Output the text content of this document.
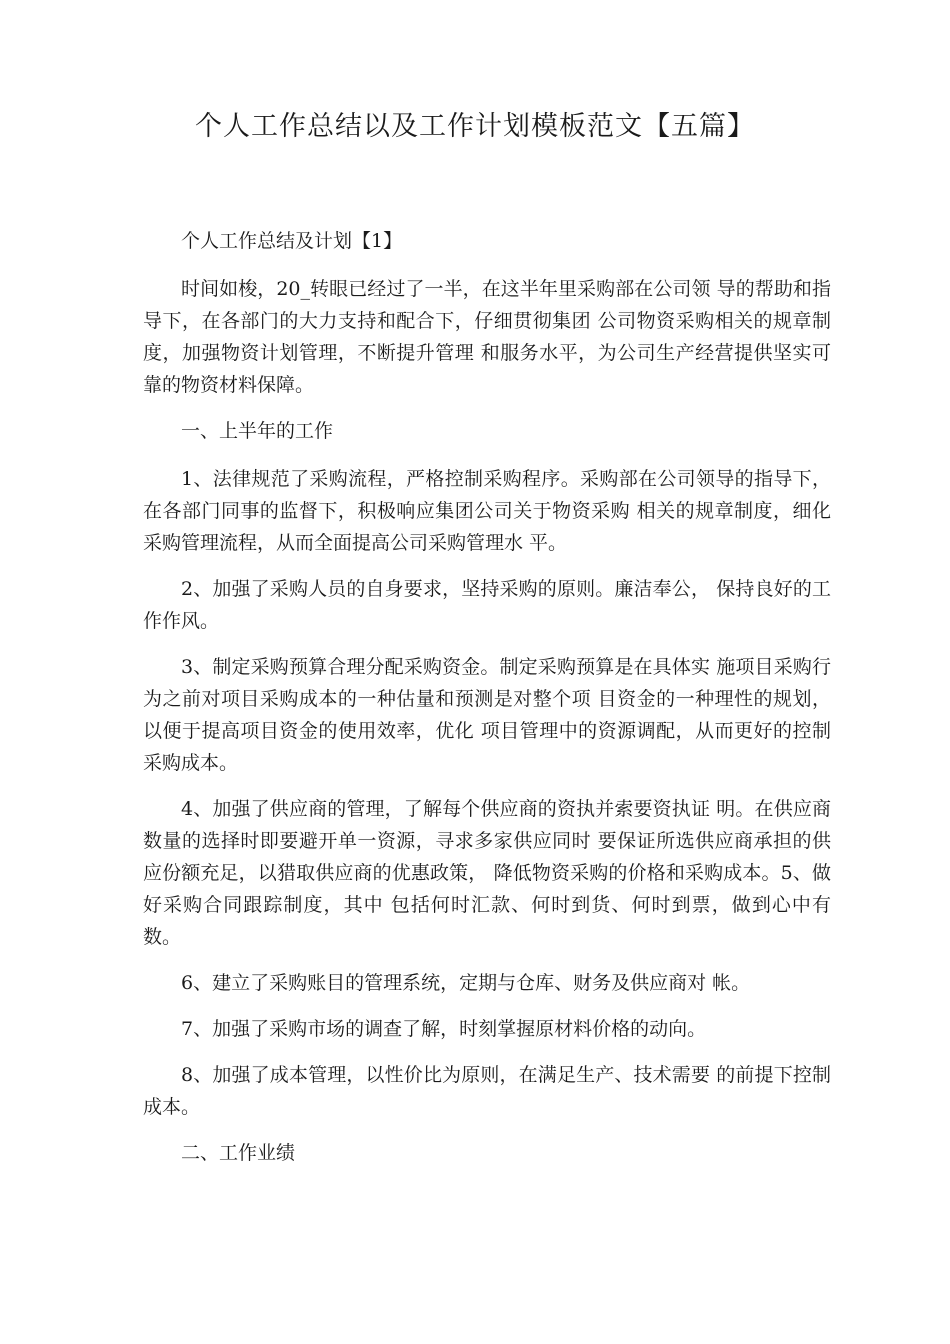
个人工作总结以及工作计划模板范文【五篇】

个人工作总结及计划【1】

时间如梭，20_转眼已经过了一半，在这半年里采购部在公司领 导的帮助和指导下，在各部门的大力支持和配合下，仔细贯彻集团 公司物资采购相关的规章制度，加强物资计划管理，不断提升管理 和服务水平，为公司生产经营提供坚实可靠的物资材料保障。

一、上半年的工作

1、法律规范了采购流程，严格控制采购程序。采购部在公司领导的指导下，在各部门同事的监督下，积极响应集团公司关于物资采购 相关的规章制度，细化采购管理流程，从而全面提高公司采购管理水 平。

2、加强了采购人员的自身要求，坚持采购的原则。廉洁奉公， 保持良好的工作作风。

3、制定采购预算合理分配采购资金。制定采购预算是在具体实 施项目采购行为之前对项目采购成本的一种估量和预测是对整个项 目资金的一种理性的规划，以便于提高项目资金的使用效率，优化 项目管理中的资源调配，从而更好的控制采购成本。

4、加强了供应商的管理，了解每个供应商的资执并索要资执证 明。在供应商数量的选择时即要避开单一资源，寻求多家供应同时 要保证所选供应商承担的供应份额充足，以猎取供应商的优惠政策， 降低物资采购的价格和采购成本。5、做好采购合同跟踪制度，其中 包括何时汇款、何时到货、何时到票，做到心中有数。

6、建立了采购账目的管理系统，定期与仓库、财务及供应商对 帐。

7、加强了采购市场的调查了解，时刻掌握原材料价格的动向。

8、加强了成本管理，以性价比为原则，在满足生产、技术需要 的前提下控制成本。

二、工作业绩
